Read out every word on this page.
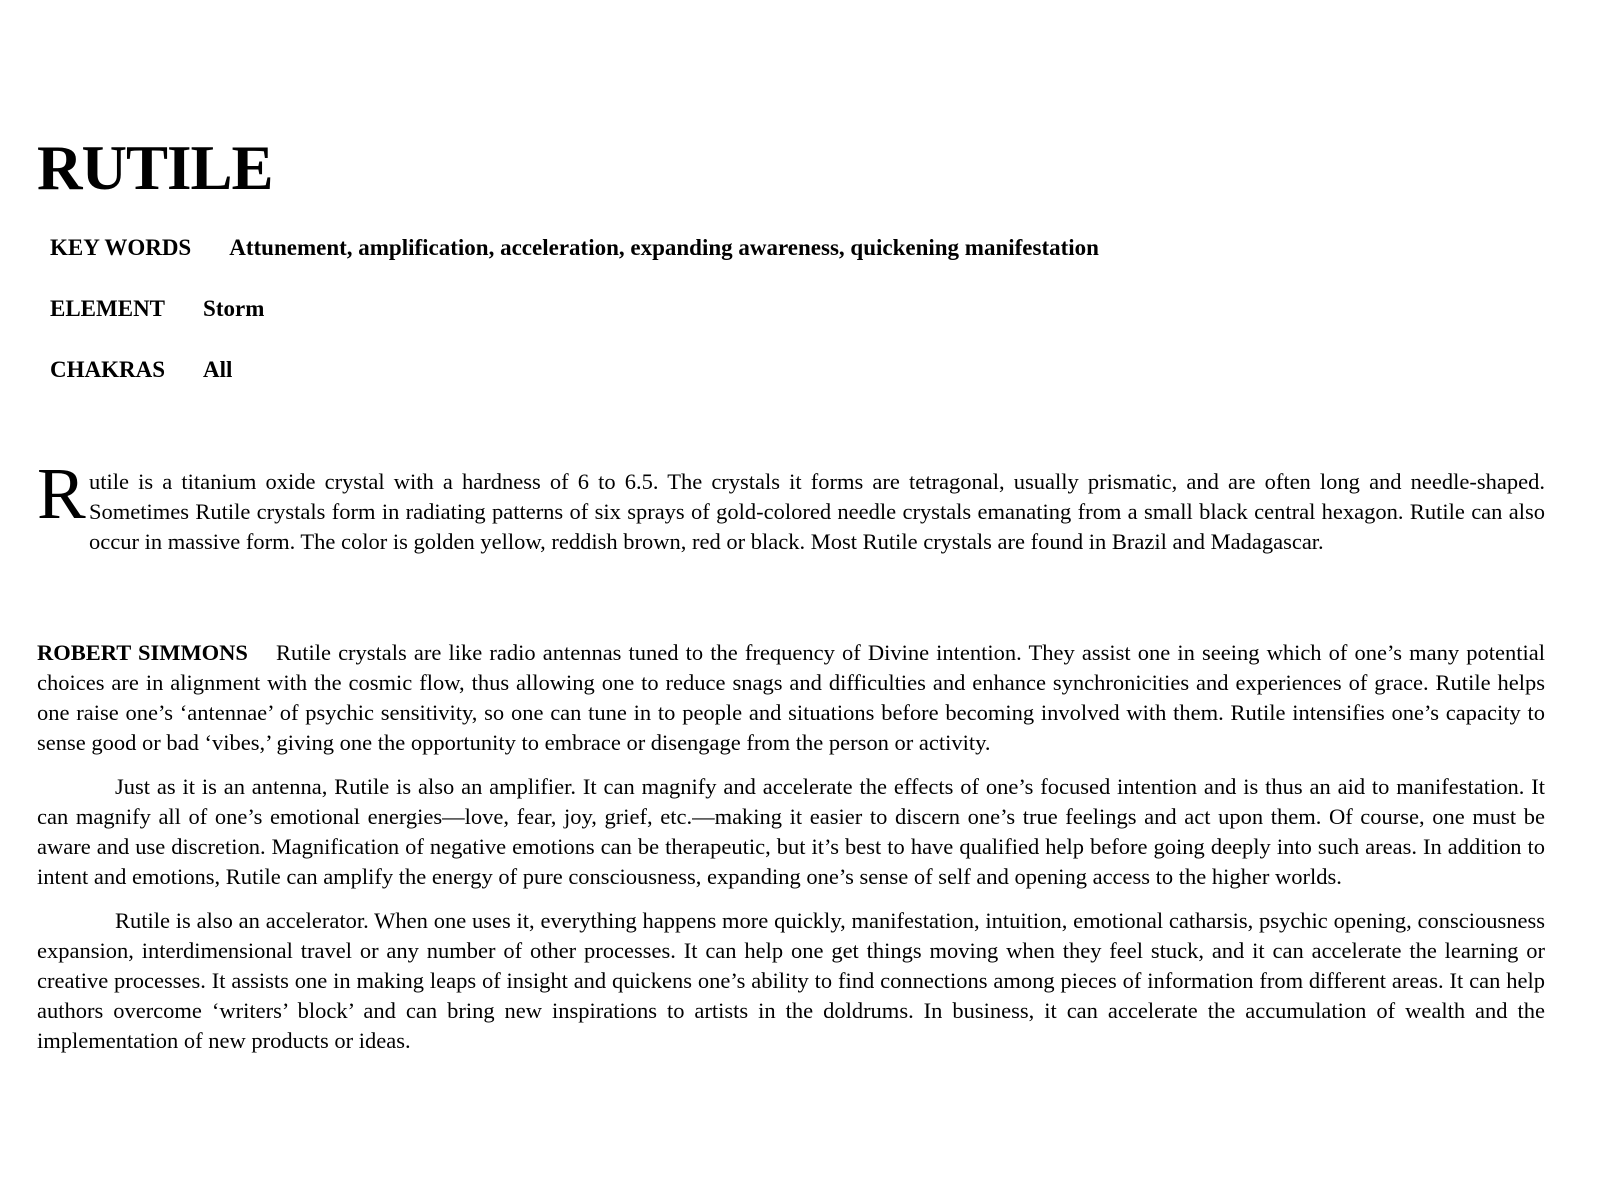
RUTILE
KEY WORDS Attunement, amplification, acceleration, expanding awareness, quickening manifestation
ELEMENT Storm
CHAKRAS All

Rutile is a titanium oxide crystal with a hardness of 6 to 6.5. The crystals it forms are tetragonal, usually prismatic, and are often long and needle-shaped. Sometimes Rutile crystals form in radiating patterns of six sprays of gold-colored needle crystals emanating from a small black central hexagon. Rutile can also occur in massive form. The color is golden yellow, reddish brown, red or black. Most Rutile crystals are found in Brazil and Madagascar.

ROBERT SIMMONS Rutile crystals are like radio antennas tuned to the frequency of Divine intention. They assist one in seeing which of one’s many potential choices are in alignment with the cosmic flow, thus allowing one to reduce snags and difficulties and enhance synchronicities and experiences of grace. Rutile helps one raise one’s ‘antennae’ of psychic sensitivity, so one can tune in to people and situations before becoming involved with them. Rutile intensifies one’s capacity to sense good or bad ‘vibes,’ giving one the opportunity to embrace or disengage from the person or activity.

Just as it is an antenna, Rutile is also an amplifier. It can magnify and accelerate the effects of one’s focused intention and is thus an aid to manifestation. It can magnify all of one’s emotional energies—love, fear, joy, grief, etc.—making it easier to discern one’s true feelings and act upon them. Of course, one must be aware and use discretion. Magnification of negative emotions can be therapeutic, but it’s best to have qualified help before going deeply into such areas. In addition to intent and emotions, Rutile can amplify the energy of pure consciousness, expanding one’s sense of self and opening access to the higher worlds.

Rutile is also an accelerator. When one uses it, everything happens more quickly, manifestation, intuition, emotional catharsis, psychic opening, consciousness expansion, interdimensional travel or any number of other processes. It can help one get things moving when they feel stuck, and it can accelerate the learning or creative processes. It assists one in making leaps of insight and quickens one’s ability to find connections among pieces of information from different areas. It can help authors overcome ‘writers’ block’ and can bring new inspirations to artists in the doldrums. In business, it can accelerate the accumulation of wealth and the implementation of new products or ideas.
